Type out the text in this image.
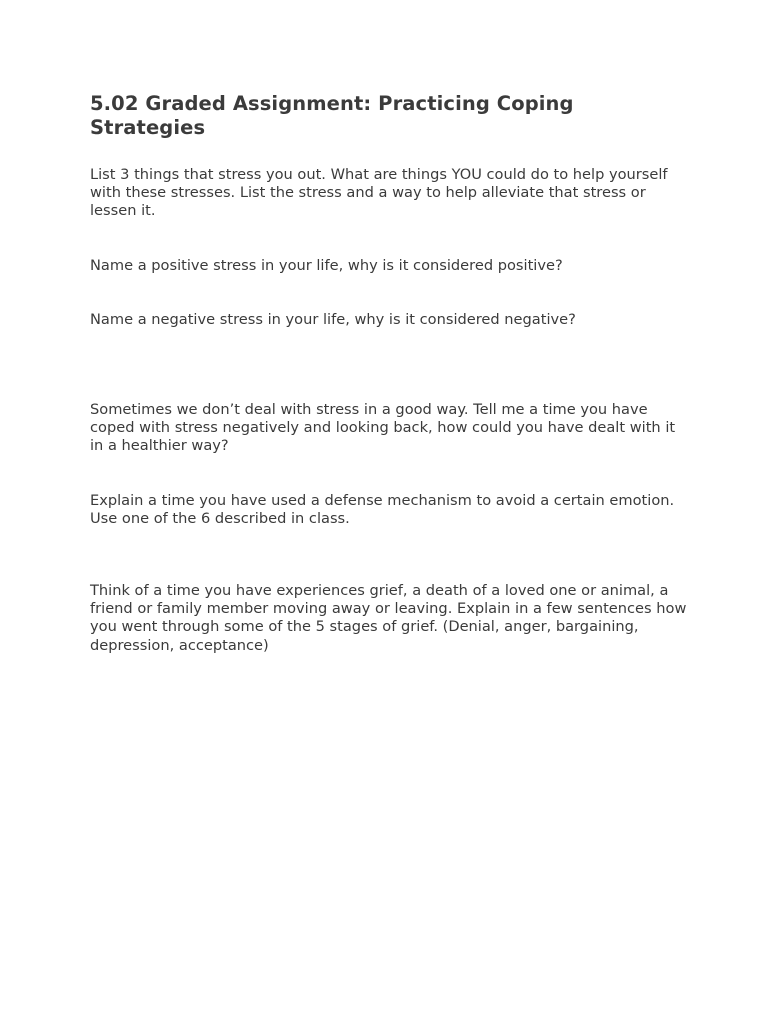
5.02 Graded Assignment: Practicing Coping Strategies

List 3 things that stress you out. What are things YOU could do to help yourself with these stresses. List the stress and a way to help alleviate that stress or lessen it.

Name a positive stress in your life, why is it considered positive?

Name a negative stress in your life, why is it considered negative?

Sometimes we don’t deal with stress in a good way. Tell me a time you have coped with stress negatively and looking back, how could you have dealt with it in a healthier way?

Explain a time you have used a defense mechanism to avoid a certain emotion. Use one of the 6 described in class.

Think of a time you have experiences grief, a death of a loved one or animal, a friend or family member moving away or leaving. Explain in a few sentences how you went through some of the 5 stages of grief. (Denial, anger, bargaining, depression, acceptance)
